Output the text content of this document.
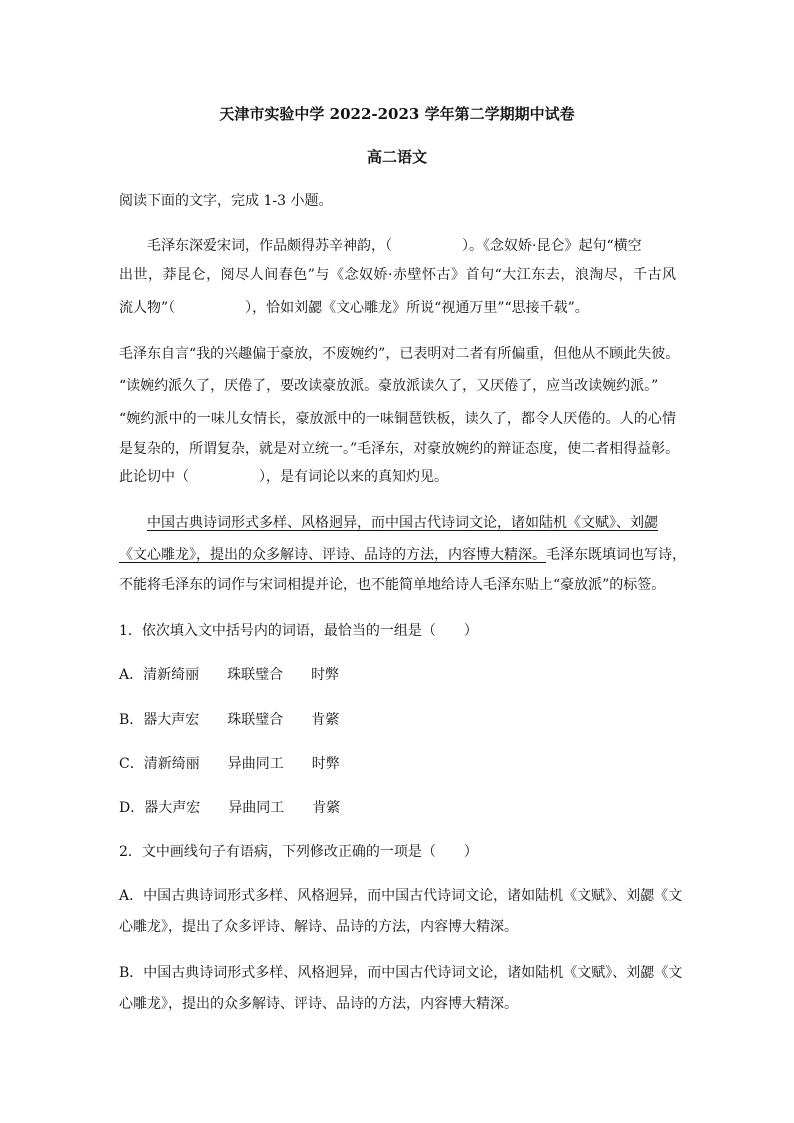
天津市实验中学 2022-2023 学年第二学期期中试卷
高二语文
阅读下面的文字，完成 1-3 小题。
毛泽东深爱宋词，作品颇得苏辛神韵，（　　　　　）。《念奴娇·昆仑》起句“横空
出世，莽昆仑，阅尽人间春色”与《念奴娇·赤壁怀古》首句“大江东去，浪淘尽，千古风
流人物”（　　　　　），恰如刘勰《文心雕龙》所说“视通万里”“思接千载”。
毛泽东自言“我的兴趣偏于豪放，不废婉约”，已表明对二者有所偏重，但他从不顾此失彼。
“读婉约派久了，厌倦了，要改读豪放派。豪放派读久了，又厌倦了，应当改读婉约派。”
“婉约派中的一味儿女情长，豪放派中的一味铜琶铁板，读久了，都令人厌倦的。人的心情
是复杂的，所谓复杂，就是对立统一。”毛泽东，对豪放婉约的辩证态度，使二者相得益彰。
此论切中（　　　　　），是有词论以来的真知灼见。
中国古典诗词形式多样、风格迥异，而中国古代诗词文论，诸如陆机《文赋》、刘勰
《文心雕龙》，提出的众多解诗、评诗、品诗的方法，内容博大精深。毛泽东既填词也写诗，
不能将毛泽东的词作与宋词相提并论，也不能简单地给诗人毛泽东贴上“豪放派”的标签。
1．依次填入文中括号内的词语，最恰当的一组是（　　）
A．清新绮丽 珠联璧合 时弊
B．器大声宏 珠联璧合 肯綮
C．清新绮丽 异曲同工 时弊
D．器大声宏 异曲同工 肯綮
2．文中画线句子有语病，下列修改正确的一项是（　　）
A．中国古典诗词形式多样、风格迥异，而中国古代诗词文论，诸如陆机《文赋》、刘勰《文
心雕龙》，提出了众多评诗、解诗、品诗的方法，内容博大精深。
B．中国古典诗词形式多样、风格迥异，而中国古代诗词文论，诸如陆机《文赋》、刘勰《文
心雕龙》，提出的众多解诗、评诗、品诗的方法，内容博大精深。
